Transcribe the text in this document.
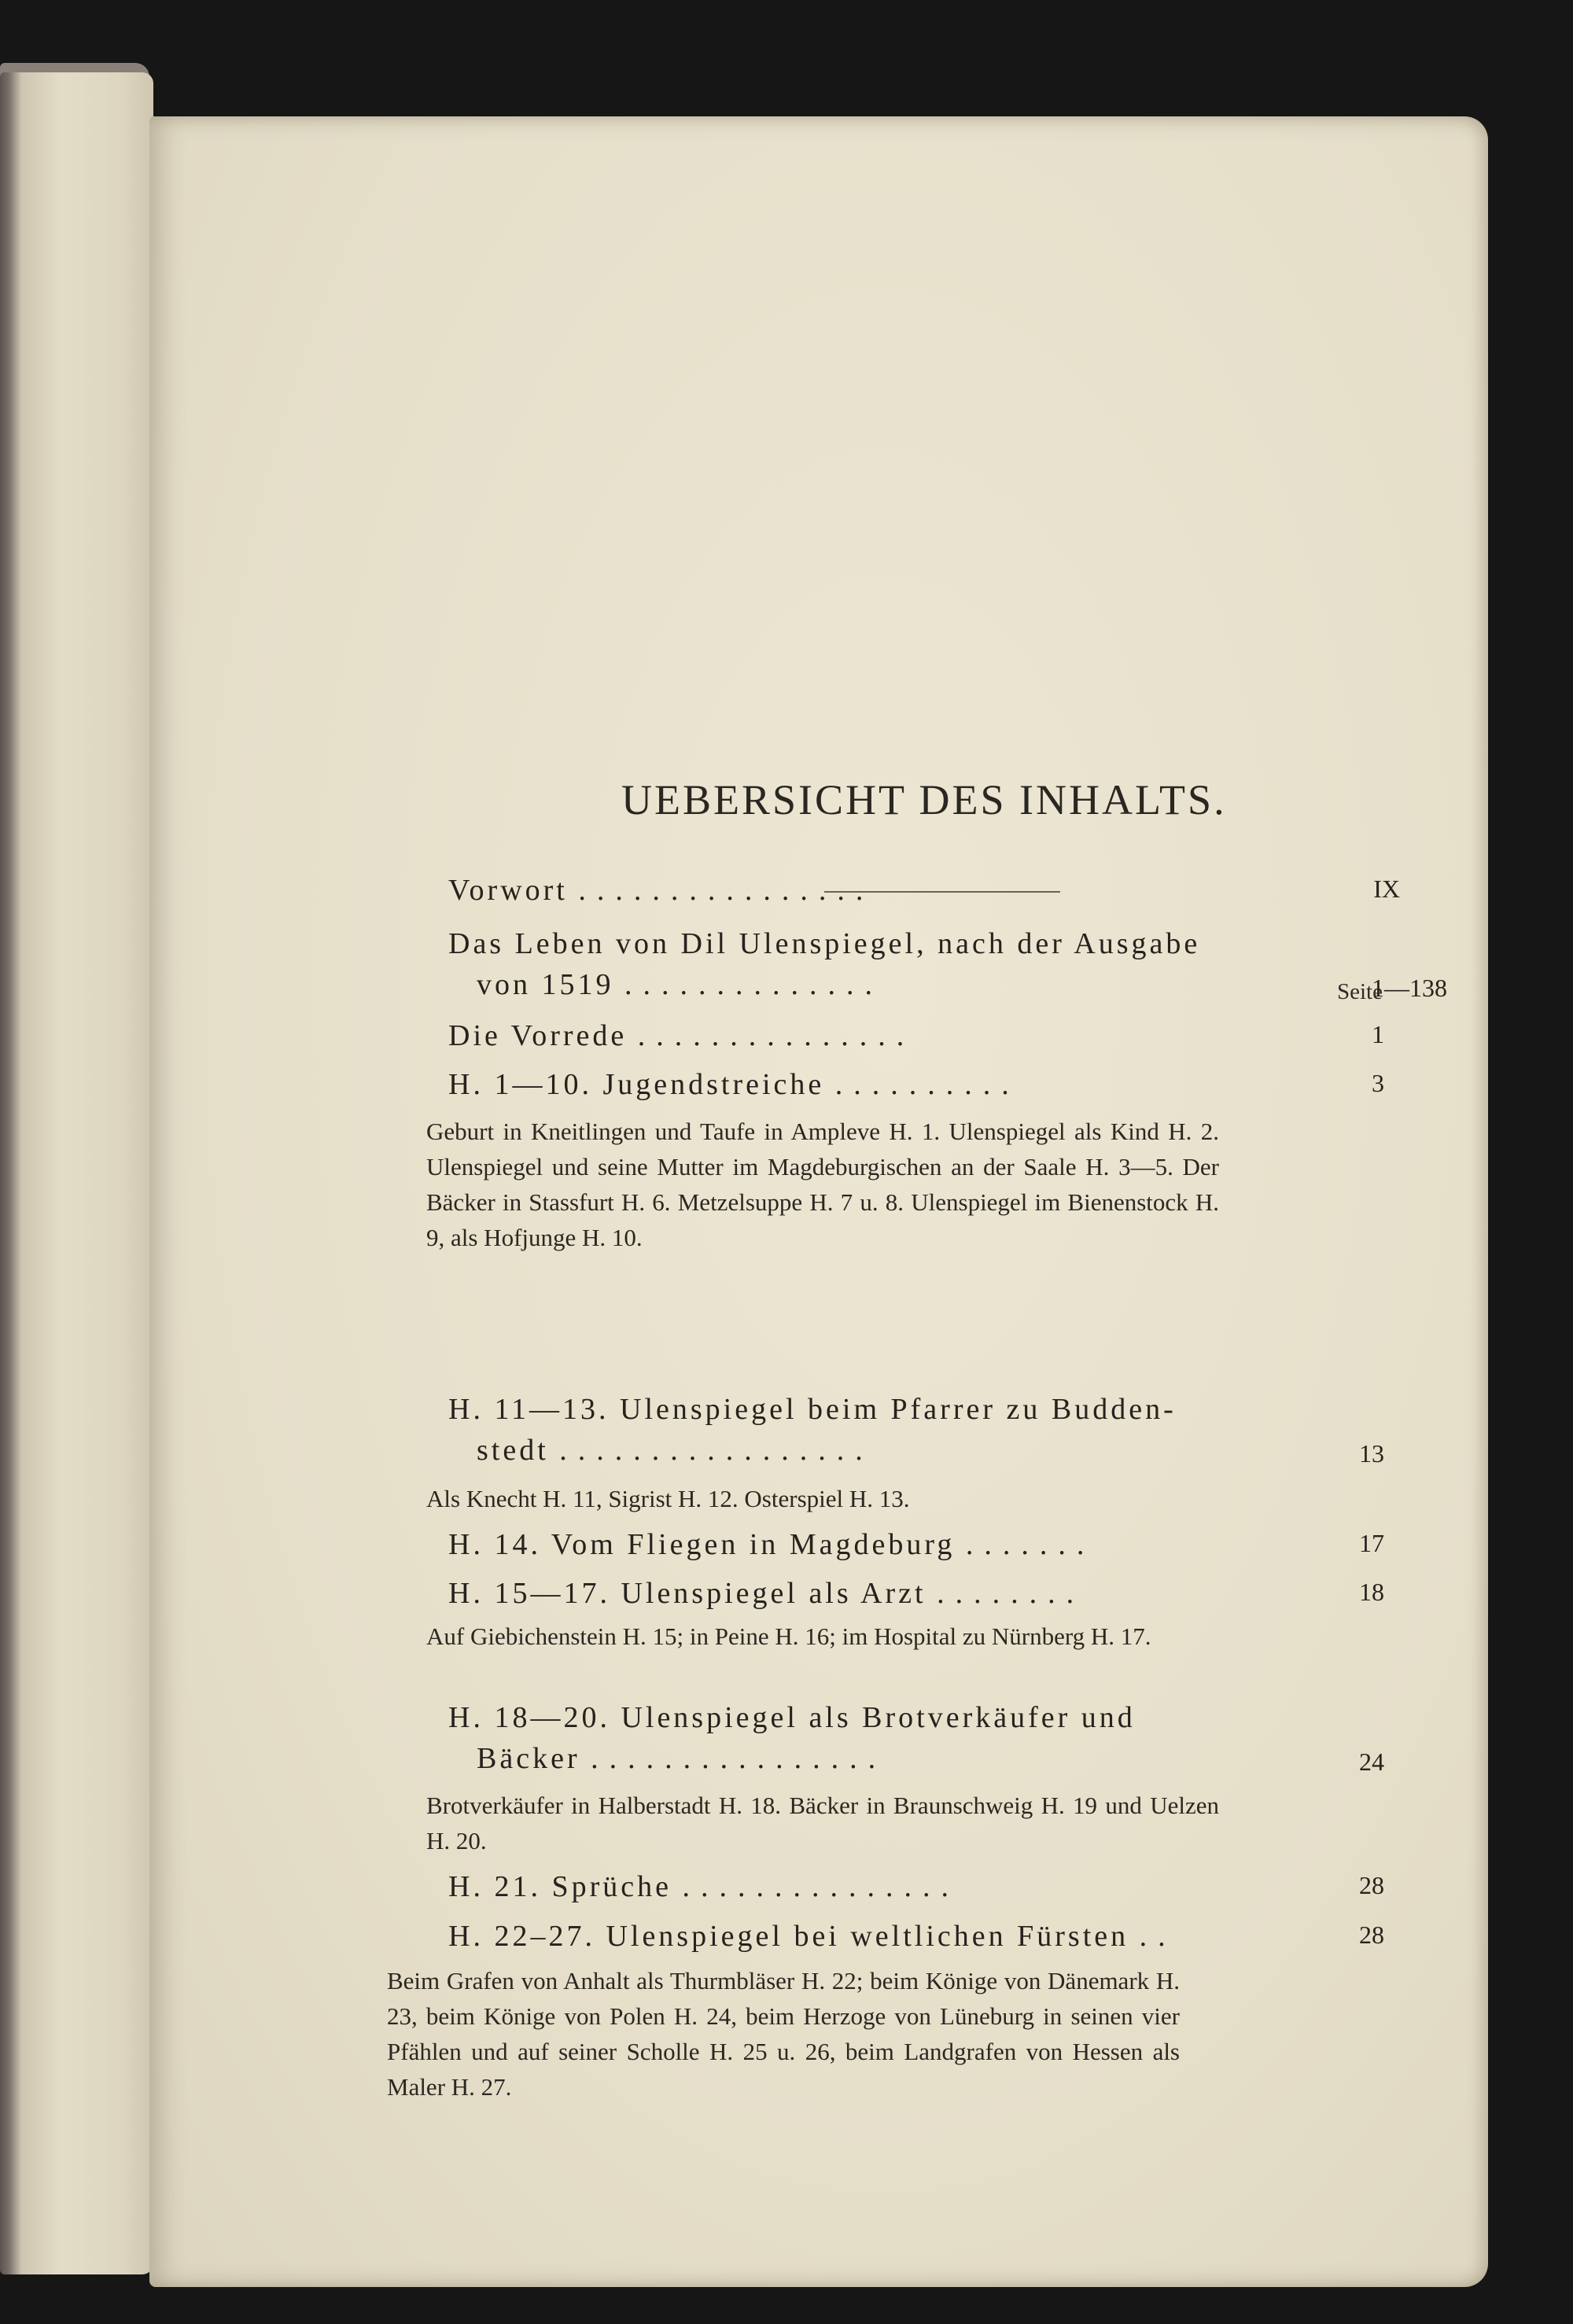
UEBERSICHT DES INHALTS.
Seite
Vorwort ................	IX
Das Leben von Dil Ulenspiegel, nach der Ausgabe
von 1519 ..............	1—138
Die Vorrede ...............	1
H. 1—10. Jugendstreiche ..........	3
Geburt in Kneitlingen und Taufe in Ampleve H. 1. Ulenspiegel als Kind H. 2. Ulenspiegel und seine Mutter im Magdeburgischen an der Saale H. 3—5. Der Bäcker in Stassfurt H. 6. Metzelsuppe H. 7 u. 8. Ulenspiegel im Bienenstock H. 9, als Hofjunge H. 10.
H. 11—13. Ulenspiegel beim Pfarrer zu Budden-
stedt .................	13
Als Knecht H. 11, Sigrist H. 12. Osterspiel H. 13.
H. 14. Vom Fliegen in Magdeburg .......	17
H. 15—17. Ulenspiegel als Arzt ........	18
Auf Giebichenstein H. 15; in Peine H. 16; im Hospital zu Nürnberg H. 17.
H. 18—20. Ulenspiegel als Brotverkäufer und
Bäcker ................	24
Brotverkäufer in Halberstadt H. 18. Bäcker in Braunschweig H. 19 und Uelzen H. 20.
H. 21. Sprüche ...............	28
H. 22–27. Ulenspiegel bei weltlichen Fürsten ..	28
Beim Grafen von Anhalt als Thurmbläser H. 22; beim Könige von Dänemark H. 23, beim Könige von Polen H. 24, beim Herzoge von Lüneburg in seinen vier Pfählen und auf seiner Scholle H. 25 u. 26, beim Landgrafen von Hessen als Maler H. 27.
